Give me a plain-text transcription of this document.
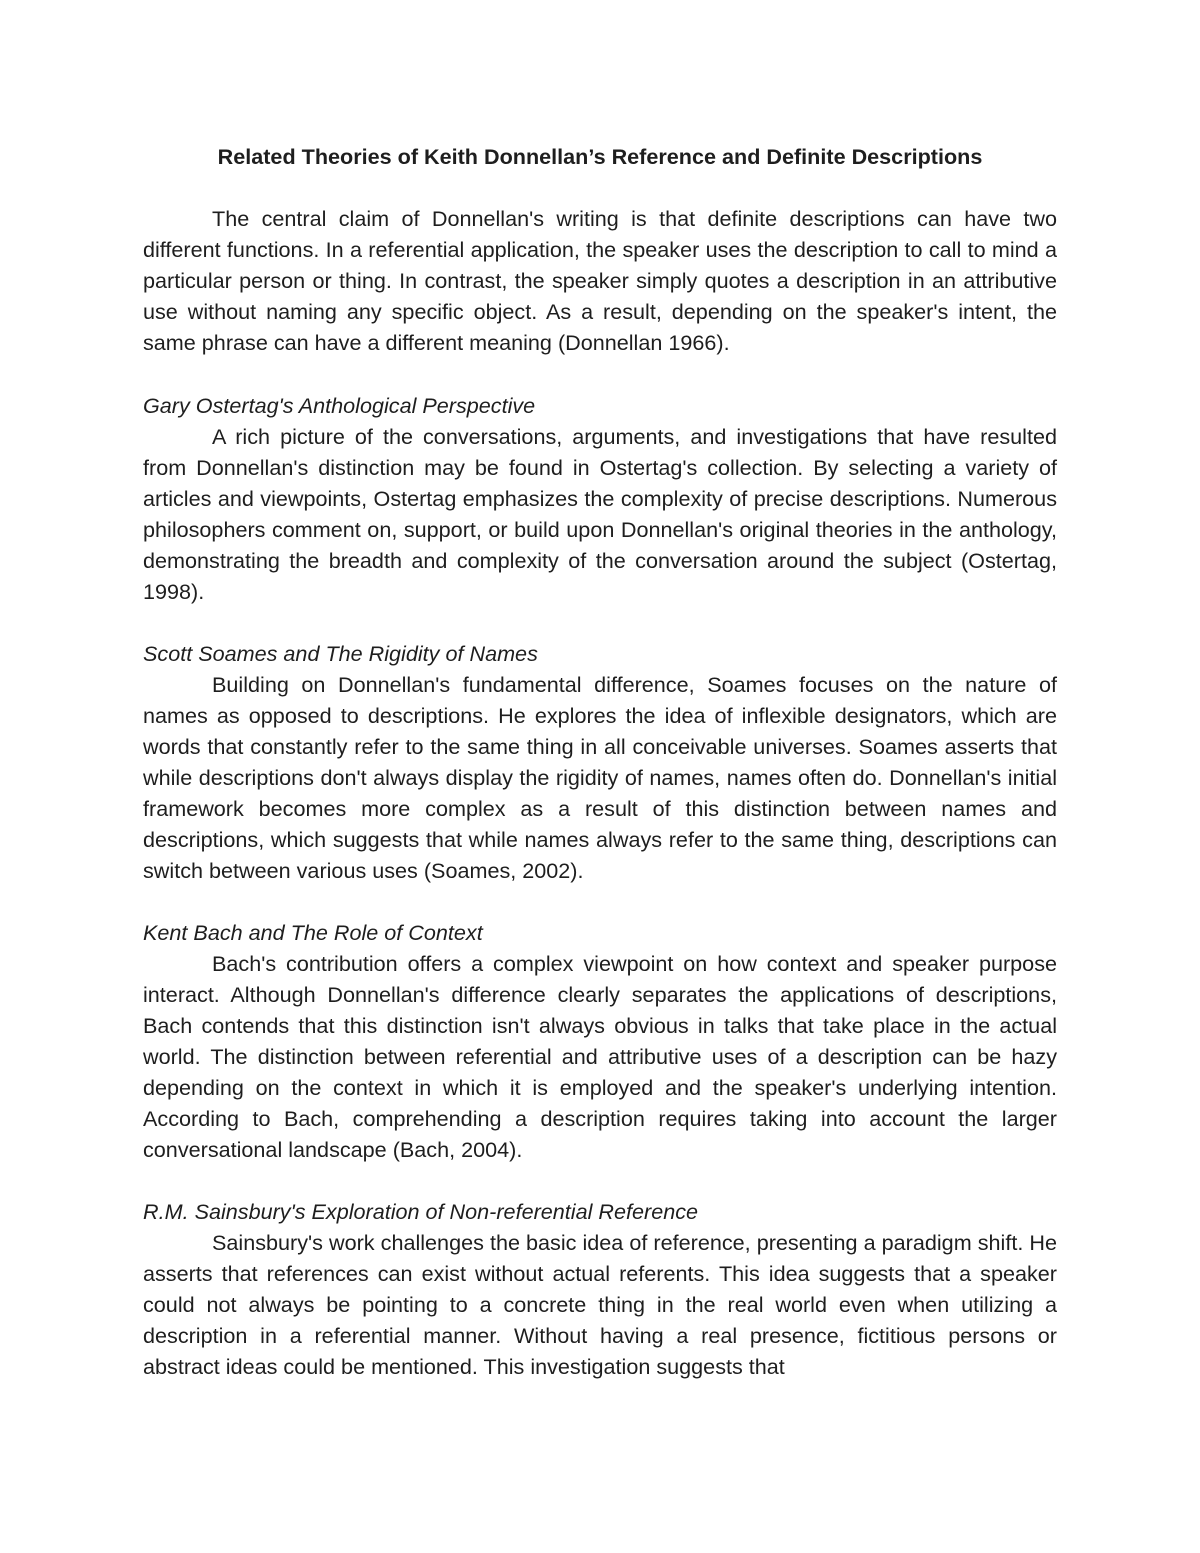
Related Theories of Keith Donnellan’s Reference and Definite Descriptions

The central claim of Donnellan's writing is that definite descriptions can have two different functions. In a referential application, the speaker uses the description to call to mind a particular person or thing. In contrast, the speaker simply quotes a description in an attributive use without naming any specific object. As a result, depending on the speaker's intent, the same phrase can have a different meaning (Donnellan 1966).

Gary Ostertag's Anthological Perspective

A rich picture of the conversations, arguments, and investigations that have resulted from Donnellan's distinction may be found in Ostertag's collection. By selecting a variety of articles and viewpoints, Ostertag emphasizes the complexity of precise descriptions. Numerous philosophers comment on, support, or build upon Donnellan's original theories in the anthology, demonstrating the breadth and complexity of the conversation around the subject (Ostertag, 1998).

Scott Soames and The Rigidity of Names

Building on Donnellan's fundamental difference, Soames focuses on the nature of names as opposed to descriptions. He explores the idea of inflexible designators, which are words that constantly refer to the same thing in all conceivable universes. Soames asserts that while descriptions don't always display the rigidity of names, names often do. Donnellan's initial framework becomes more complex as a result of this distinction between names and descriptions, which suggests that while names always refer to the same thing, descriptions can switch between various uses (Soames, 2002).

Kent Bach and The Role of Context

Bach's contribution offers a complex viewpoint on how context and speaker purpose interact. Although Donnellan's difference clearly separates the applications of descriptions, Bach contends that this distinction isn't always obvious in talks that take place in the actual world. The distinction between referential and attributive uses of a description can be hazy depending on the context in which it is employed and the speaker's underlying intention. According to Bach, comprehending a description requires taking into account the larger conversational landscape (Bach, 2004).

R.M. Sainsbury's Exploration of Non-referential Reference

Sainsbury's work challenges the basic idea of reference, presenting a paradigm shift. He asserts that references can exist without actual referents. This idea suggests that a speaker could not always be pointing to a concrete thing in the real world even when utilizing a description in a referential manner. Without having a real presence, fictitious persons or abstract ideas could be mentioned. This investigation suggests that
